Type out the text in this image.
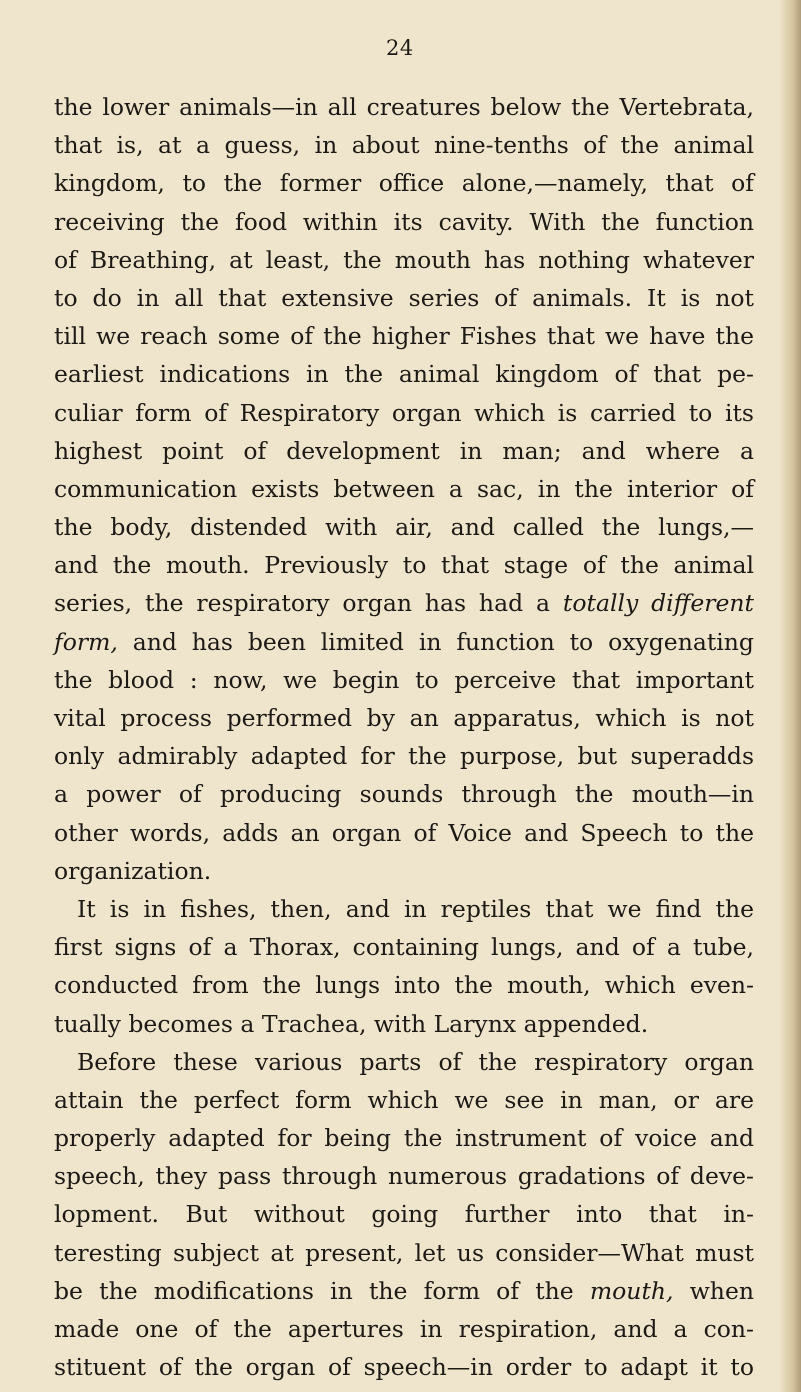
24
the lower animals—in all creatures below the Vertebrata,
that is, at a guess, in about nine-tenths of the animal
kingdom, to the former office alone,—namely, that of
receiving the food within its cavity. With the function
of Breathing, at least, the mouth has nothing whatever
to do in all that extensive series of animals. It is not
till we reach some of the higher Fishes that we have the
earliest indications in the animal kingdom of that pe-
culiar form of Respiratory organ which is carried to its
highest point of development in man; and where a
communication exists between a sac, in the interior of
the body, distended with air, and called the lungs,—
and the mouth. Previously to that stage of the animal
series, the respiratory organ has had a totally different
form, and has been limited in function to oxygenating
the blood : now, we begin to perceive that important
vital process performed by an apparatus, which is not
only admirably adapted for the purpose, but superadds
a power of producing sounds through the mouth—in
other words, adds an organ of Voice and Speech to the
organization.
It is in fishes, then, and in reptiles that we find the
first signs of a Thorax, containing lungs, and of a tube,
conducted from the lungs into the mouth, which even-
tually becomes a Trachea, with Larynx appended.
Before these various parts of the respiratory organ
attain the perfect form which we see in man, or are
properly adapted for being the instrument of voice and
speech, they pass through numerous gradations of deve-
lopment. But without going further into that in-
teresting subject at present, let us consider—What must
be the modifications in the form of the mouth, when
made one of the apertures in respiration, and a con-
stituent of the organ of speech—in order to adapt it to
